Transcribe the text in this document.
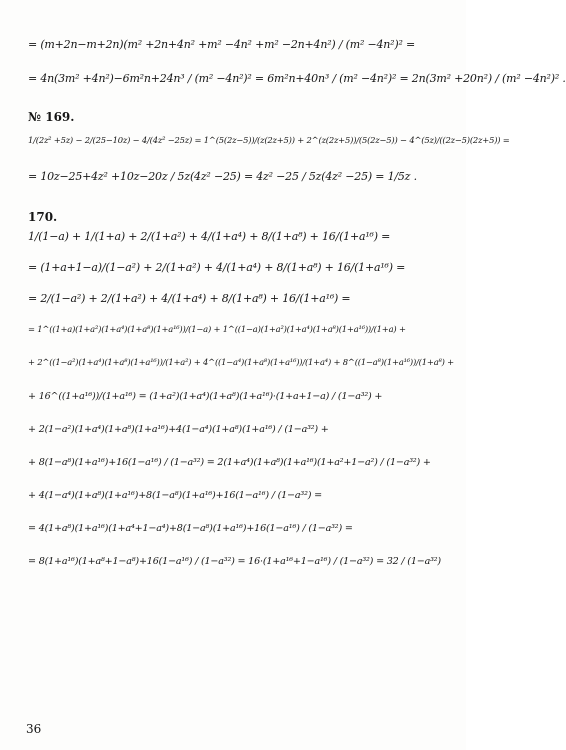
= (m+2n−m+2n)(m² +2n+4n² +m² −4n² +m² −2n+4n²) / (m² −4n²)² =
= 4n(3m² +4n²)−6m²n+24n³ / (m² −4n²)² = 6m²n+40n³ / (m² −4n²)² = 2n(3m² +20n²) / (m² −4n²)² .
№ 169.
1/(2z² +5z) − 2/(25−10z) − 4/(4z² −25z) = 1^(5(2z−5))/(z(2z+5)) + 2^(z(2z+5))/(5(2z−5)) − 4^(5z)/((2z−5)(2z+5)) =
= 10z−25+4z² +10z−20z / 5z(4z² −25) = 4z² −25 / 5z(4z² −25) = 1/5z .
170.
1/(1−a) + 1/(1+a) + 2/(1+a²) + 4/(1+a⁴) + 8/(1+a⁸) + 16/(1+a¹⁶) =
= (1+a+1−a)/(1−a²) + 2/(1+a²) + 4/(1+a⁴) + 8/(1+a⁸) + 16/(1+a¹⁶) =
= 2/(1−a²) + 2/(1+a²) + 4/(1+a⁴) + 8/(1+a⁸) + 16/(1+a¹⁶) =
= 1^((1+a)(1+a²)(1+a⁴)(1+a⁸)(1+a¹⁶))/(1−a) + 1^((1−a)(1+a²)(1+a⁴)(1+a⁸)(1+a¹⁶))/(1+a) +
+ 2^((1−a²)(1+a⁴)(1+a⁸)(1+a¹⁶))/(1+a²) + 4^((1−a⁴)(1+a⁸)(1+a¹⁶))/(1+a⁴) + 8^((1−a⁸)(1+a¹⁶))/(1+a⁸) +
+ 16^((1+a¹⁶))/(1+a¹⁶) = (1+a²)(1+a⁴)(1+a⁸)(1+a¹⁶)·(1+a+1−a) / (1−a³²) +
+ 2(1−a²)(1+a⁴)(1+a⁸)(1+a¹⁶)+4(1−a⁴)(1+a⁸)(1+a¹⁶) / (1−a³²) +
+ 8(1−a⁸)(1+a¹⁶)+16(1−a¹⁶) / (1−a³²) = 2(1+a⁴)(1+a⁸)(1+a¹⁶)(1+a²+1−a²) / (1−a³²) +
+ 4(1−a⁴)(1+a⁸)(1+a¹⁶)+8(1−a⁸)(1+a¹⁶)+16(1−a¹⁶) / (1−a³²) =
= 4(1+a⁸)(1+a¹⁶)(1+a⁴+1−a⁴)+8(1−a⁸)(1+a¹⁶)+16(1−a¹⁶) / (1−a³²) =
= 8(1+a¹⁶)(1+a⁸+1−a⁸)+16(1−a¹⁶) / (1−a³²) = 16·(1+a¹⁶+1−a¹⁶) / (1−a³²) = 32 / (1−a³²)
36
